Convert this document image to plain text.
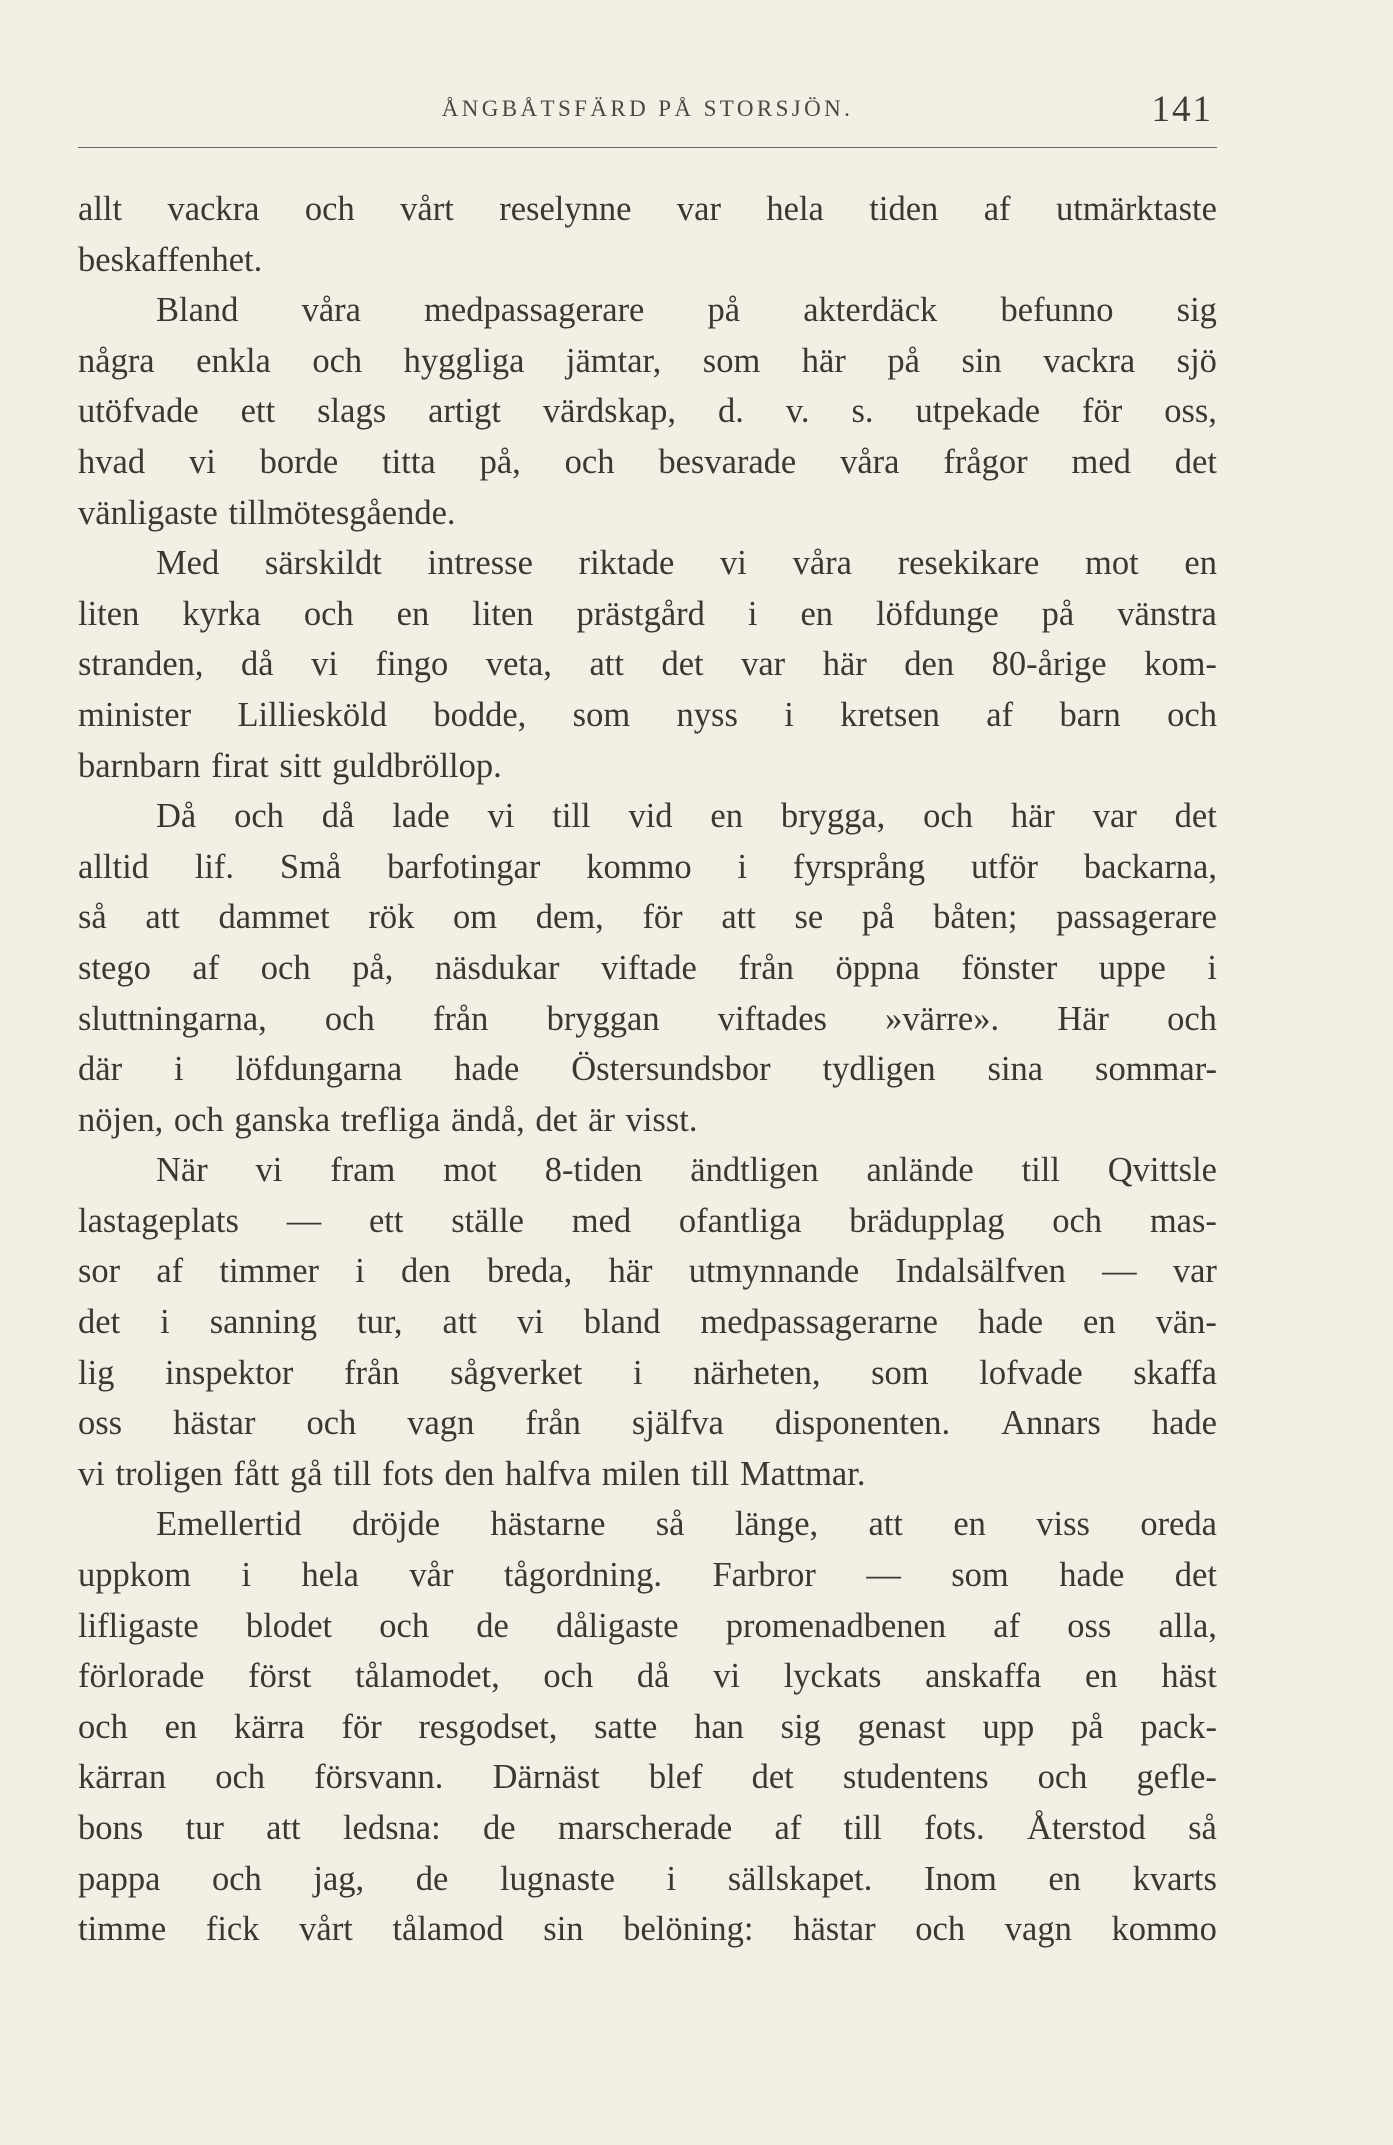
ÅNGBÅTSFÄRD PÅ STORSJÖN.	141
allt vackra och vårt reselynne var hela tiden af utmärktaste
beskaffenhet.
Bland våra medpassagerare på akterdäck befunno sig
några enkla och hyggliga jämtar, som här på sin vackra sjö
utöfvade ett slags artigt värdskap, d. v. s. utpekade för oss,
hvad vi borde titta på, och besvarade våra frågor med det
vänligaste tillmötesgående.
Med särskildt intresse riktade vi våra resekikare mot en
liten kyrka och en liten prästgård i en löfdunge på vänstra
stranden, då vi fingo veta, att det var här den 80-årige kom-
minister Lilliesköld bodde, som nyss i kretsen af barn och
barnbarn firat sitt guldbröllop.
Då och då lade vi till vid en brygga, och här var det
alltid lif. Små barfotingar kommo i fyrsprång utför backarna,
så att dammet rök om dem, för att se på båten; passagerare
stego af och på, näsdukar viftade från öppna fönster uppe i
sluttningarna, och från bryggan viftades »värre». Här och
där i löfdungarna hade Östersundsbor tydligen sina sommar-
nöjen, och ganska trefliga ändå, det är visst.
När vi fram mot 8-tiden ändtligen anlände till Qvittsle
lastageplats — ett ställe med ofantliga brädupplag och mas-
sor af timmer i den breda, här utmynnande Indalsälfven — var
det i sanning tur, att vi bland medpassagerarne hade en vän-
lig inspektor från sågverket i närheten, som lofvade skaffa
oss hästar och vagn från själfva disponenten. Annars hade
vi troligen fått gå till fots den halfva milen till Mattmar.
Emellertid dröjde hästarne så länge, att en viss oreda
uppkom i hela vår tågordning. Farbror — som hade det
lifligaste blodet och de dåligaste promenadbenen af oss alla,
förlorade först tålamodet, och då vi lyckats anskaffa en häst
och en kärra för resgodset, satte han sig genast upp på pack-
kärran och försvann. Därnäst blef det studentens och gefle-
bons tur att ledsna: de marscherade af till fots. Återstod så
pappa och jag, de lugnaste i sällskapet. Inom en kvarts
timme fick vårt tålamod sin belöning: hästar och vagn kommo
